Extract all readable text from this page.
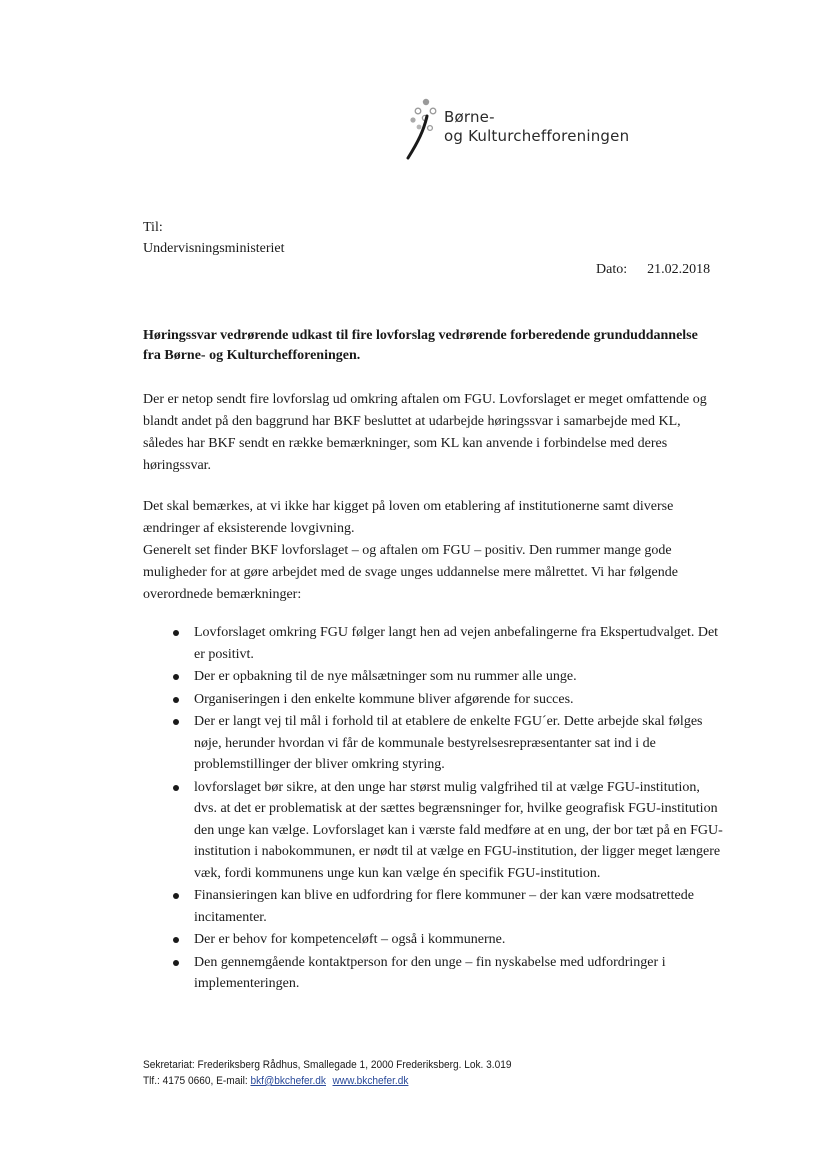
Børne-
og Kulturchefforeningen
Til:
Undervisningsministeriet
Dato: 21.02.2018
Høringssvar vedrørende udkast til fire lovforslag vedrørende forberedende grunduddannelse fra Børne- og Kulturchefforeningen.
Der er netop sendt fire lovforslag ud omkring aftalen om FGU. Lovforslaget er meget omfattende og blandt andet på den baggrund har BKF besluttet at udarbejde høringssvar i samarbejde med KL, således har BKF sendt en række bemærkninger, som KL kan anvende i forbindelse med deres høringssvar.
Det skal bemærkes, at vi ikke har kigget på loven om etablering af institutionerne samt diverse ændringer af eksisterende lovgivning.
Generelt set finder BKF lovforslaget – og aftalen om FGU – positiv. Den rummer mange gode muligheder for at gøre arbejdet med de svage unges uddannelse mere målrettet. Vi har følgende overordnede bemærkninger:
Lovforslaget omkring FGU følger langt hen ad vejen anbefalingerne fra Ekspertudvalget. Det er positivt.
Der er opbakning til de nye målsætninger som nu rummer alle unge.
Organiseringen i den enkelte kommune bliver afgørende for succes.
Der er langt vej til mål i forhold til at etablere de enkelte FGU´er. Dette arbejde skal følges nøje, herunder hvordan vi får de kommunale bestyrelsesrepræsentanter sat ind i de problemstillinger der bliver omkring styring.
lovforslaget bør sikre, at den unge har størst mulig valgfrihed til at vælge FGU-institution, dvs. at det er problematisk at der sættes begrænsninger for, hvilke geografisk FGU-institution den unge kan vælge. Lovforslaget kan i værste fald medføre at en ung, der bor tæt på en FGU-institution i nabokommunen, er nødt til at vælge en FGU-institution, der ligger meget længere væk, fordi kommunens unge kun kan vælge én specifik FGU-institution.
Finansieringen kan blive en udfordring for flere kommuner – der kan være modsatrettede incitamenter.
Der er behov for kompetenceløft – også i kommunerne.
Den gennemgående kontaktperson for den unge – fin nyskabelse med udfordringer i implementeringen.
Sekretariat: Frederiksberg Rådhus, Smallegade 1, 2000 Frederiksberg. Lok. 3.019
Tlf.: 4175 0660, E-mail: bkf@bkchefer.dk www.bkchefer.dk
